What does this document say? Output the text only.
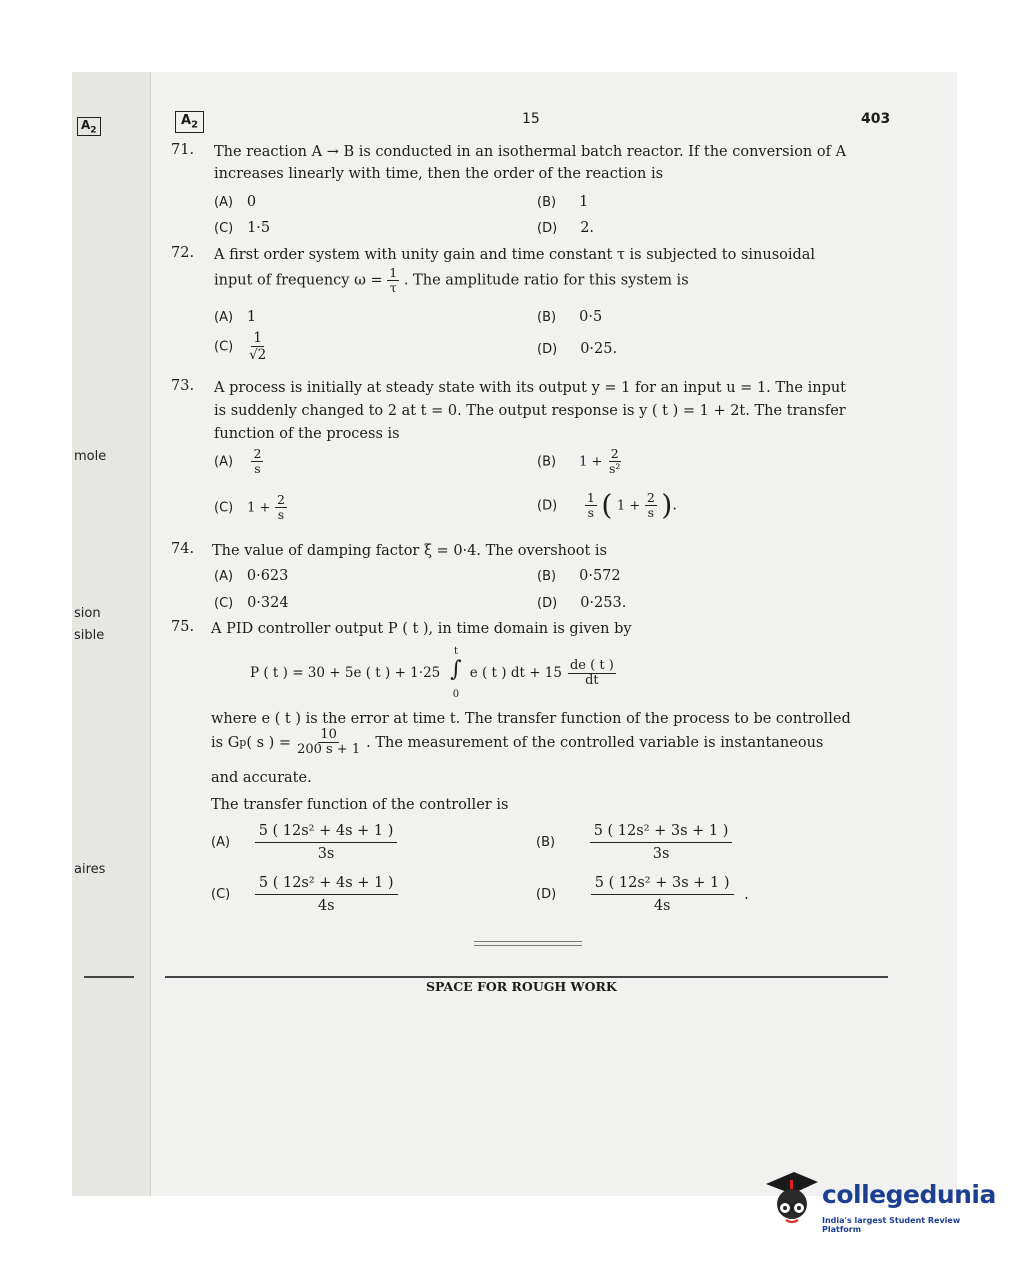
$A_2$
mole
sion
sible
aires
$A_2$	15	403
71. The reaction A → B is conducted in an isothermal batch reactor. If the conversion of A
increases linearly with time, then the order of the reaction is
(A) 0	(B) 1
(C) 1·5	(D) 2.
72. A first order system with unity gain and time constant τ is subjected to sinusoidal
input of frequency $\omega = \frac{1}{\tau}$ . The amplitude ratio for this system is
(A) 1	(B) 0·5
$(C) \frac{1}{√2}$	(D) 0·25.
73. A process is initially at steady state with its output y = 1 for an input u = 1. The input
is suddenly changed to 2 at t = 0. The output response is y ( t ) = 1 + 2t. The transfer
function of the process is
$(A) \frac{2}{s}$	(B) $1 + \frac{2}{\text{s²}}$
(C) $1 + \frac{2}{s}$	$(D) \frac{1}{s}$ ( $1 + \frac{2}{s}$ ).
74. The value of damping factor ξ = 0·4. The overshoot is
(A) 0·623	(B) 0·572
(C) 0·324	(D) 0·253.
75. A PID controller output P ( t ), in time domain is given by
P ( t ) = 30 + 5e ( t ) + 1·25
t
∫
0
e ( t ) dt + $15 \frac{de ( t )}{dt}$
where e ( t ) is the error at time t. The transfer function of the process to be controlled
is G p ( s ) = $\frac{10}{200 s + 1}$ . The measurement of the controlled variable is instantaneous
and accurate.
The transfer function of the controller is
$(A) \frac{\text{5 ( 12s² + 4s + 1 )}}{3s}$	$(B) \frac{\text{5 ( 12s² + 3s + 1 )}}{3s}$
$(C) \frac{\text{5 ( 12s² + 4s + 1 )}}{4s}$	$(D) \frac{\text{5 ( 12s² + 3s + 1 )}}{4s}$ .
SPACE FOR ROUGH WORK
collegedunia
India's largest Student Review Platform
